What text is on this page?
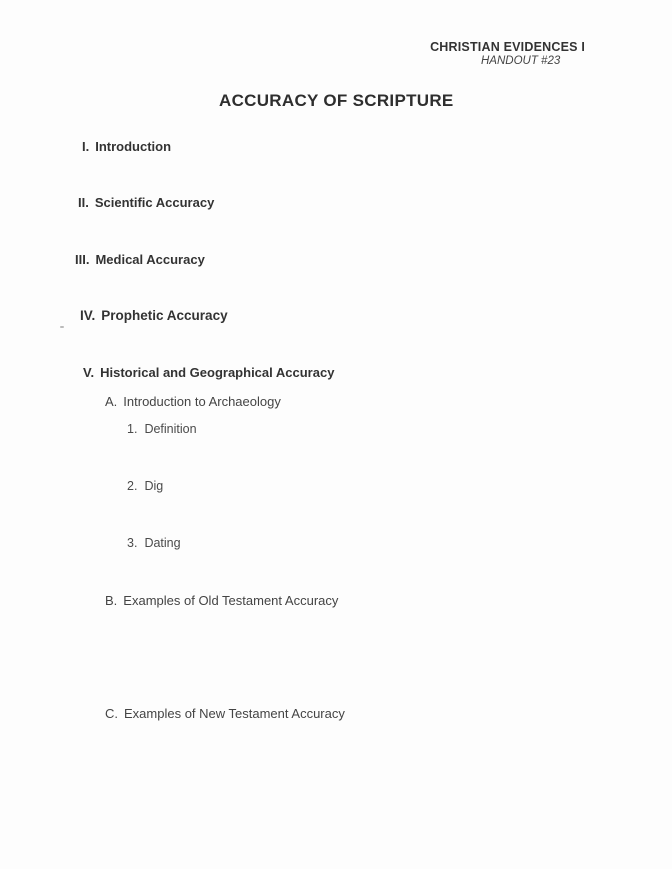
CHRISTIAN EVIDENCES I
HANDOUT #23
ACCURACY OF SCRIPTURE
I. Introduction
II. Scientific Accuracy
III. Medical Accuracy
IV. Prophetic Accuracy
V. Historical and Geographical Accuracy
A. Introduction to Archaeology
1. Definition
2. Dig
3. Dating
B. Examples of Old Testament Accuracy
C. Examples of New Testament Accuracy
